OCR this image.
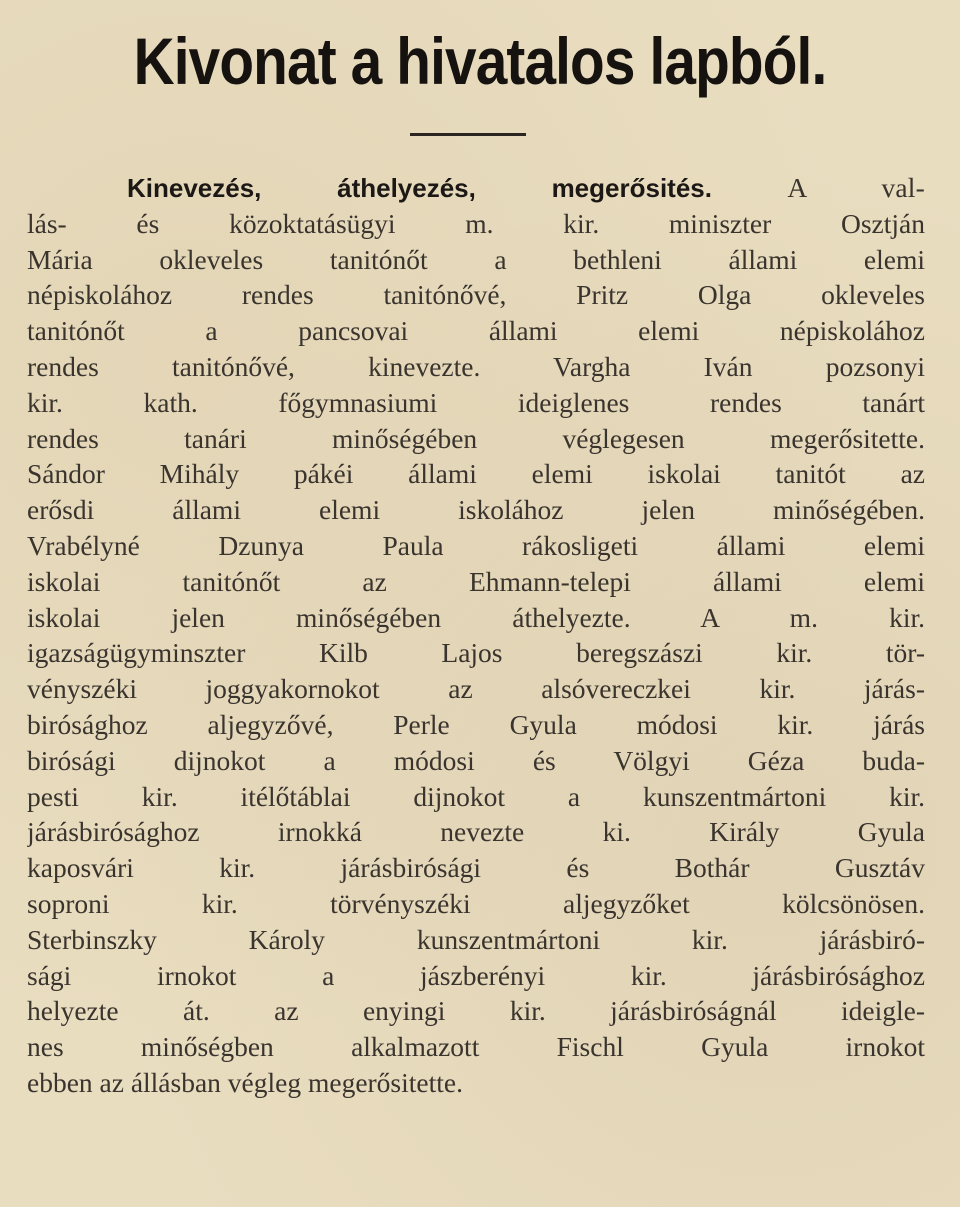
Kivonat a hivatalos lapból.
Kinevezés, áthelyezés, megerősités.	A val-
lás- és közoktatásügyi m. kir. miniszter Osztján
Mária okleveles tanitónőt a bethleni állami elemi
népiskolához rendes tanitónővé, Pritz Olga okleveles
tanitónőt a pancsovai állami elemi népiskolához
rendes tanitónővé, kinevezte. Vargha Iván pozsonyi
kir. kath. főgymnasiumi ideiglenes rendes tanárt
rendes tanári minőségében véglegesen megerősitette.
Sándor Mihály pákéi állami elemi iskolai tanitót az
erősdi állami elemi iskolához jelen minőségében.
Vrabélyné Dzunya Paula rákosligeti állami elemi
iskolai tanitónőt az Ehmann-telepi állami elemi
iskolai jelen minőségében áthelyezte. A m. kir.
igazságügyminszter Kilb Lajos beregszászi kir. tör-
vényszéki joggyakornokot az alsóvereczkei kir. járás-
birósághoz aljegyzővé, Perle Gyula módosi kir. járás
birósági dijnokot a módosi és Völgyi Géza buda-
pesti kir. itélőtáblai dijnokot a kunszentmártoni kir.
járásbirósághoz irnokká nevezte ki. Király Gyula
kaposvári kir. járásbirósági és Bothár Gusztáv
soproni kir. törvényszéki aljegyzőket kölcsönösen.
Sterbinszky Károly kunszentmártoni kir. járásbiró-
sági irnokot a jászberényi kir. járásbirósághoz
helyezte át. az enyingi kir. járásbiróságnál ideigle-
nes minőségben alkalmazott Fischl Gyula irnokot
ebben az állásban végleg megerősitette.
